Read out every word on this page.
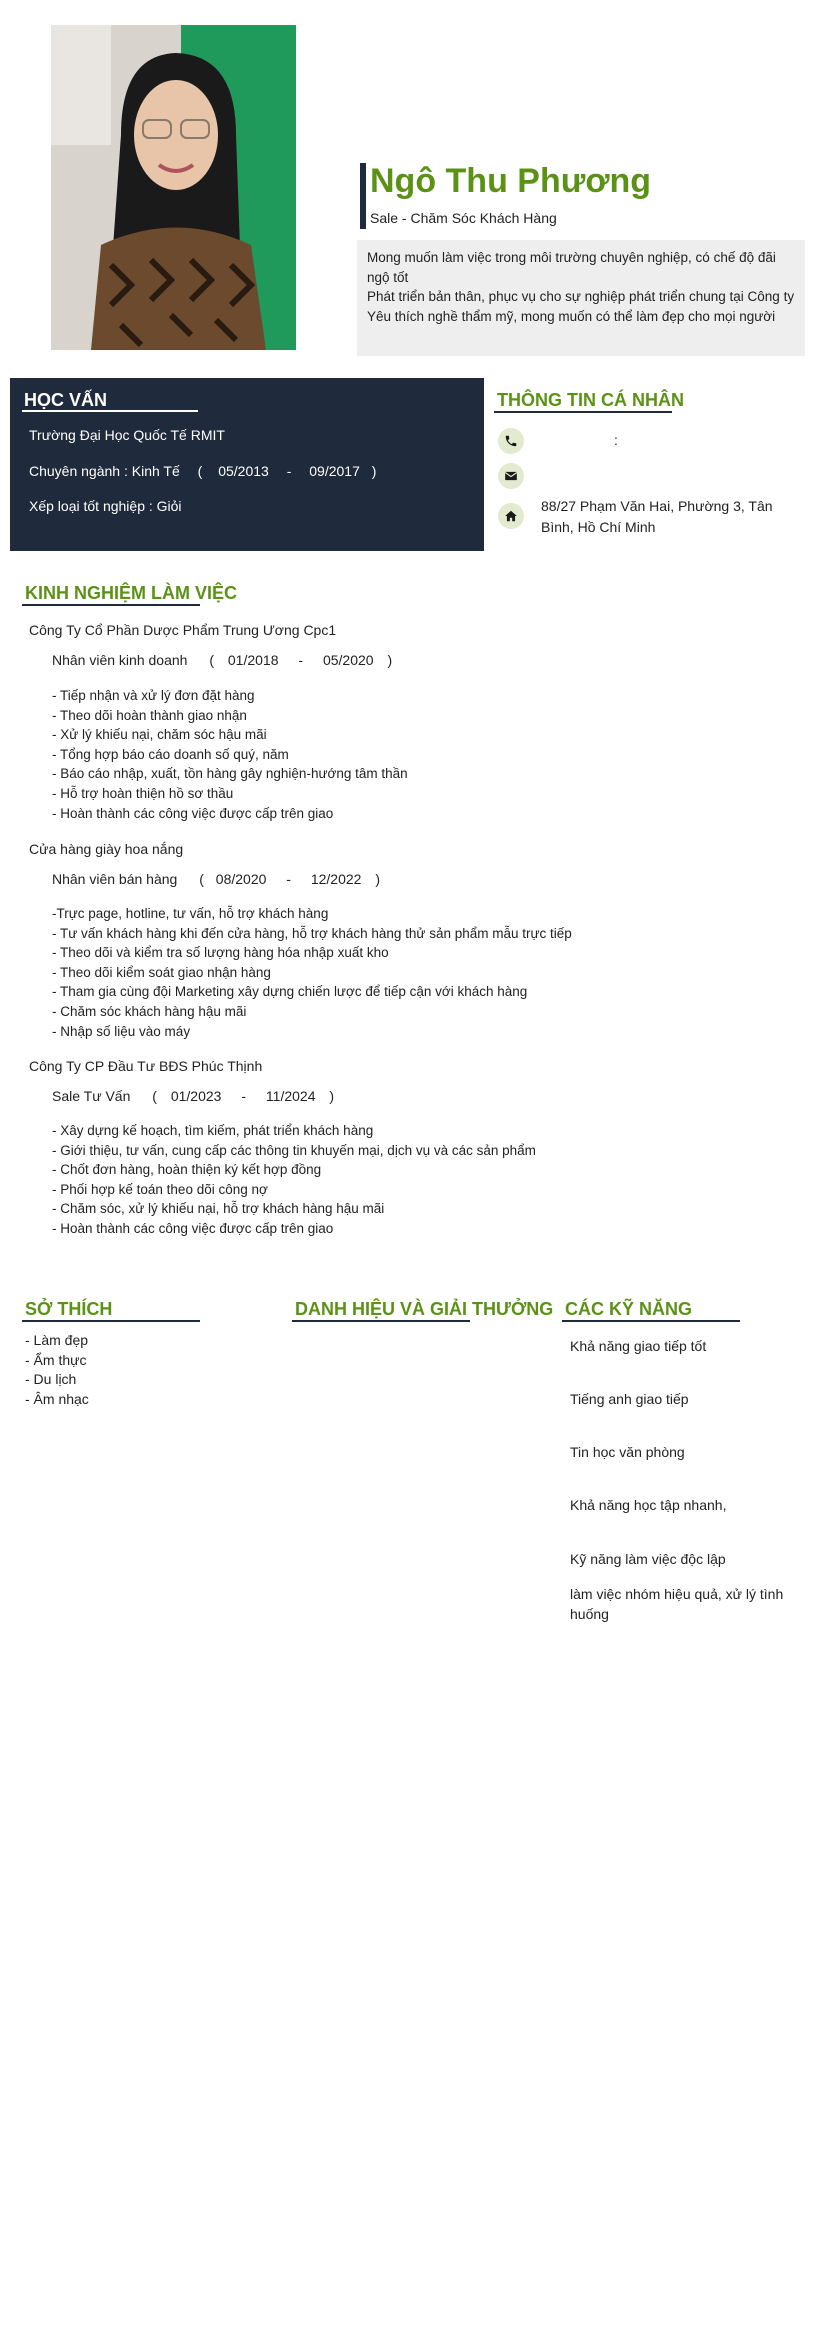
Ngô Thu Phương
Sale - Chăm Sóc Khách Hàng
Mong muốn làm việc trong môi trường chuyên nghiệp, có chế độ đãi ngộ tốt
Phát triển bản thân, phục vụ cho sự nghiệp phát triển chung tại Công ty
Yêu thích nghề thẩm mỹ, mong muốn có thể làm đẹp cho mọi người
HỌC VẤN
Trường Đại Học Quốc Tế RMIT
Chuyên ngành : Kinh Tế ( 05/2013 - 09/2017 )
Xếp loại tốt nghiệp : Giỏi
THÔNG TIN CÁ NHÂN
:
88/27 Phạm Văn Hai, Phường 3, Tân Bình, Hồ Chí Minh
KINH NGHIỆM LÀM VIỆC
Công Ty Cổ Phần Dược Phẩm Trung Ương Cpc1
Nhân viên kinh doanh ( 01/2018 - 05/2020 )
- Tiếp nhận và xử lý đơn đặt hàng
- Theo dõi hoàn thành giao nhận
- Xử lý khiếu nại, chăm sóc hậu mãi
- Tổng hợp báo cáo doanh số quý, năm
- Báo cáo nhập, xuất, tồn hàng gây nghiện-hướng tâm thần
- Hỗ trợ hoàn thiện hồ sơ thầu
- Hoàn thành các công việc được cấp trên giao
Cửa hàng giày hoa nắng
Nhân viên bán hàng ( 08/2020 - 12/2022 )
-Trực page, hotline, tư vấn, hỗ trợ khách hàng
- Tư vấn khách hàng khi đến cửa hàng, hỗ trợ khách hàng thử sản phẩm mẫu trực tiếp
- Theo dõi và kiểm tra số lượng hàng hóa nhập xuất kho
- Theo dõi kiểm soát giao nhận hàng
- Tham gia cùng đội Marketing xây dựng chiến lược để tiếp cận với khách hàng
- Chăm sóc khách hàng hậu mãi
- Nhập số liệu vào máy
Công Ty CP Đầu Tư BĐS Phúc Thịnh
Sale Tư Vấn ( 01/2023 - 11/2024 )
- Xây dựng kế hoạch, tìm kiếm, phát triển khách hàng
- Giới thiệu, tư vấn, cung cấp các thông tin khuyến mại, dịch vụ và các sản phẩm
- Chốt đơn hàng, hoàn thiện ký kết hợp đồng
- Phối hợp kế toán theo dõi công nợ
- Chăm sóc, xử lý khiếu nại, hỗ trợ khách hàng hậu mãi
- Hoàn thành các công việc được cấp trên giao
SỞ THÍCH
- Làm đẹp
- Ẩm thực
- Du lịch
- Âm nhạc
DANH HIỆU VÀ GIẢI THƯỞNG CÁC KỸ NĂNG
Khả năng giao tiếp tốt
Tiếng anh giao tiếp
Tin học văn phòng
Khả năng học tập nhanh,
Kỹ năng làm việc độc lập
làm việc nhóm hiệu quả, xử lý tình huống
